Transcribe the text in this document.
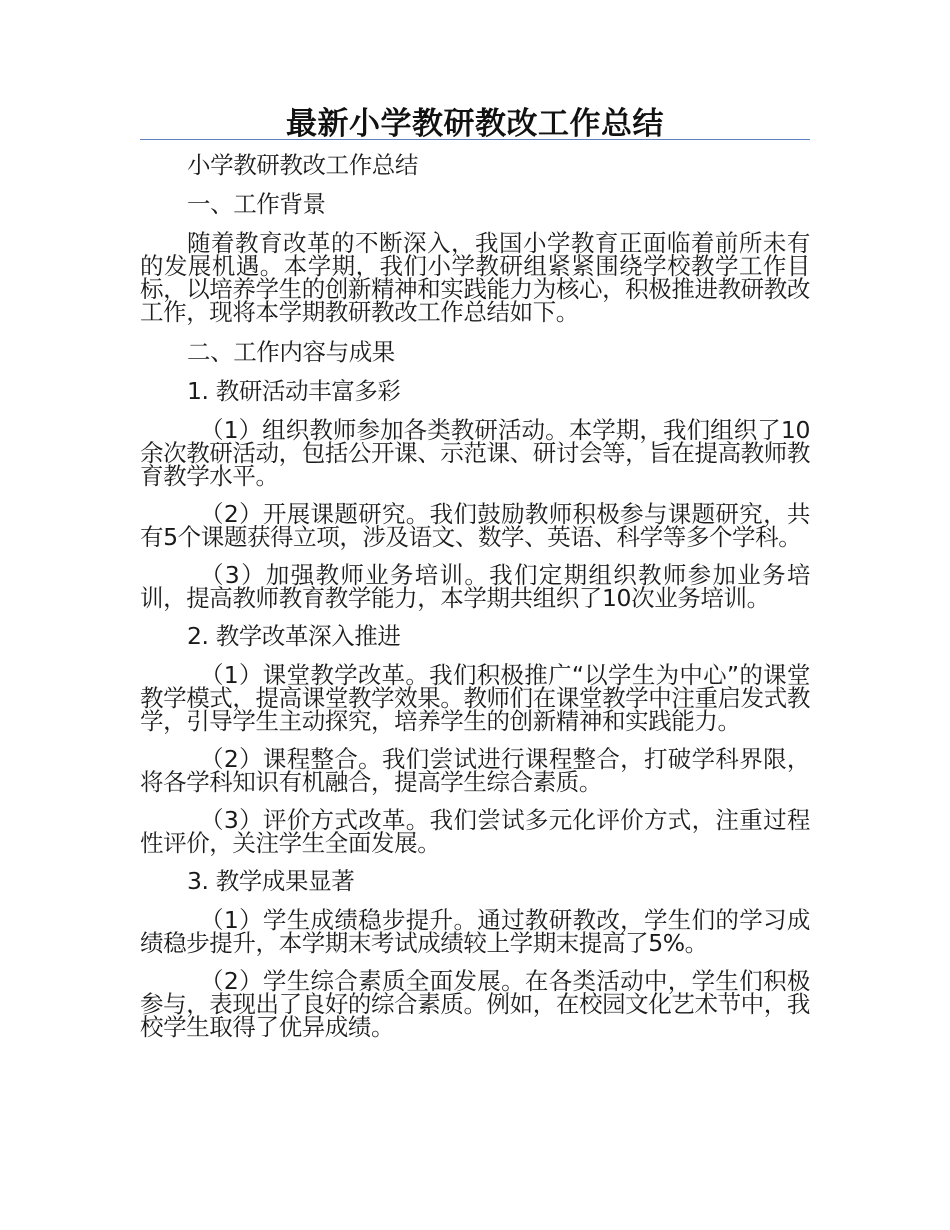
最新小学教研教改工作总结

小学教研教改工作总结

一、工作背景

随着教育改革的不断深入，我国小学教育正面临着前所未有的发展机遇。本学期，我们小学教研组紧紧围绕学校教学工作目标，以培养学生的创新精神和实践能力为核心，积极推进教研教改工作，现将本学期教研教改工作总结如下。

二、工作内容与成果

1. 教研活动丰富多彩

（1）组织教师参加各类教研活动。本学期，我们组织了10余次教研活动，包括公开课、示范课、研讨会等，旨在提高教师教育教学水平。

（2）开展课题研究。我们鼓励教师积极参与课题研究，共有5个课题获得立项，涉及语文、数学、英语、科学等多个学科。

（3）加强教师业务培训。我们定期组织教师参加业务培训，提高教师教育教学能力，本学期共组织了10次业务培训。

2. 教学改革深入推进

（1）课堂教学改革。我们积极推广“以学生为中心”的课堂教学模式，提高课堂教学效果。教师们在课堂教学中注重启发式教学，引导学生主动探究，培养学生的创新精神和实践能力。

（2）课程整合。我们尝试进行课程整合，打破学科界限，将各学科知识有机融合，提高学生综合素质。

（3）评价方式改革。我们尝试多元化评价方式，注重过程性评价，关注学生全面发展。

3. 教学成果显著

（1）学生成绩稳步提升。通过教研教改，学生们的学习成绩稳步提升，本学期末考试成绩较上学期末提高了5%。

（2）学生综合素质全面发展。在各类活动中，学生们积极参与，表现出了良好的综合素质。例如，在校园文化艺术节中，我校学生取得了优异成绩。
